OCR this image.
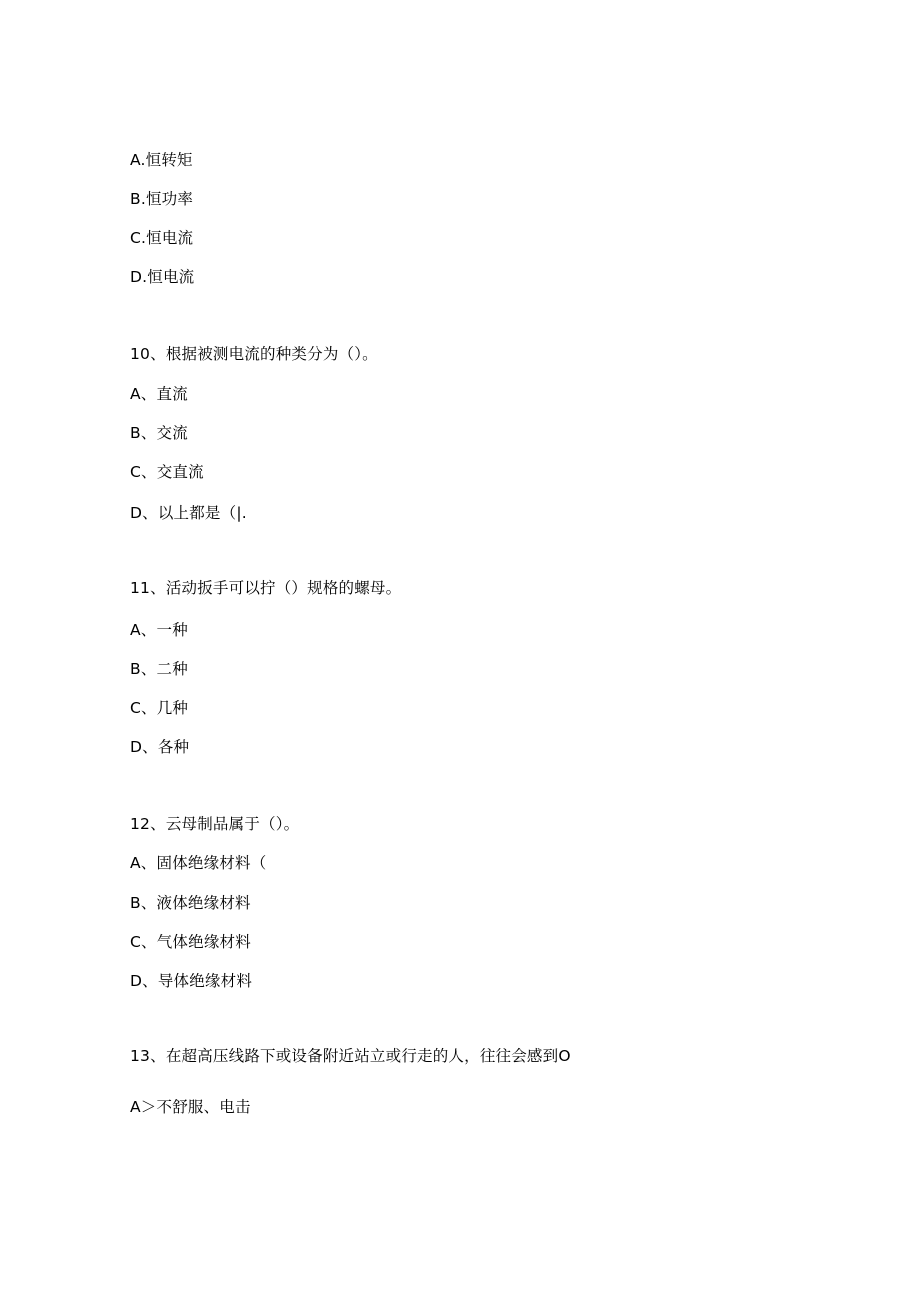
A.恒转矩
B.恒功率
C.恒电流
D.恒电流
10、根据被测电流的种类分为（）。
A、直流
B、交流
C、交直流
D、以上都是（|.
11、活动扳手可以拧（）规格的螺母。
A、一种
B、二种
C、几种
D、各种
12、云母制品属于（）。
A、固体绝缘材料（
B、液体绝缘材料
C、气体绝缘材料
D、导体绝缘材料
13、在超高压线路下或设备附近站立或行走的人，往往会感到O
A＞不舒服、电击
